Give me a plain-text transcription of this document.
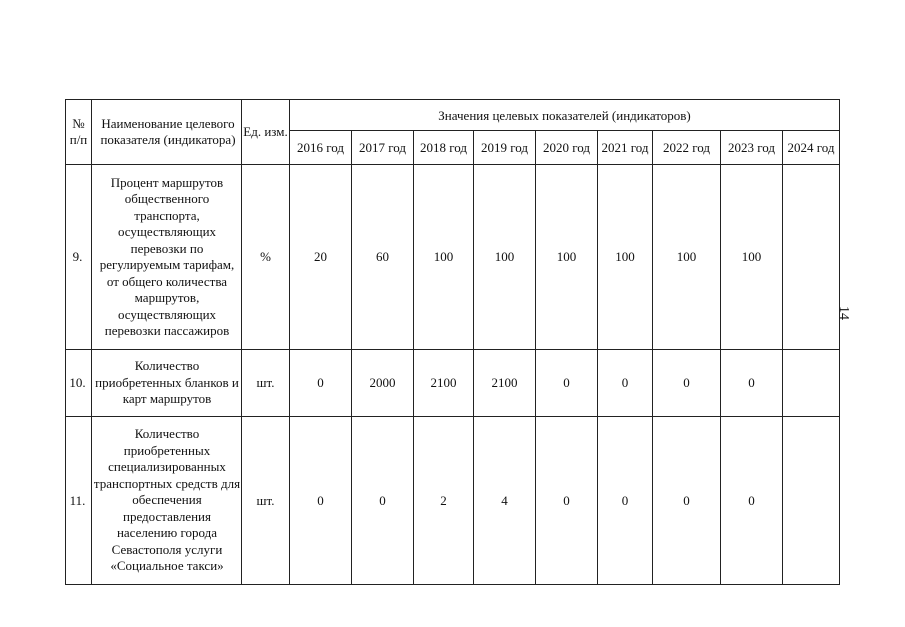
№ п/п	Наименование целевого показателя (индикатора)	Ед. изм.	Значения целевых показателей (индикаторов)								

			2016 год	2017 год	2018 год	2019 год	2020 год	2021 год	2022 год	2023 год	2024 год
9.	Процент маршрутов общественного транспорта, осуществляющих перевозки по регулируемым тарифам, от общего количества маршрутов, осуществляющих перевозки пассажиров	%	20	60	100	100	100	100	100	100	
10.	Количество приобретенных бланков и карт маршрутов	шт.	0	2000	2100	2100	0	0	0	0	
11.	Количество приобретенных специализированных транспортных средств для обеспечения предоставления населению города Севастополя услуги «Социальное такси»	шт.	0	0	2	4	0	0	0	0	
14
